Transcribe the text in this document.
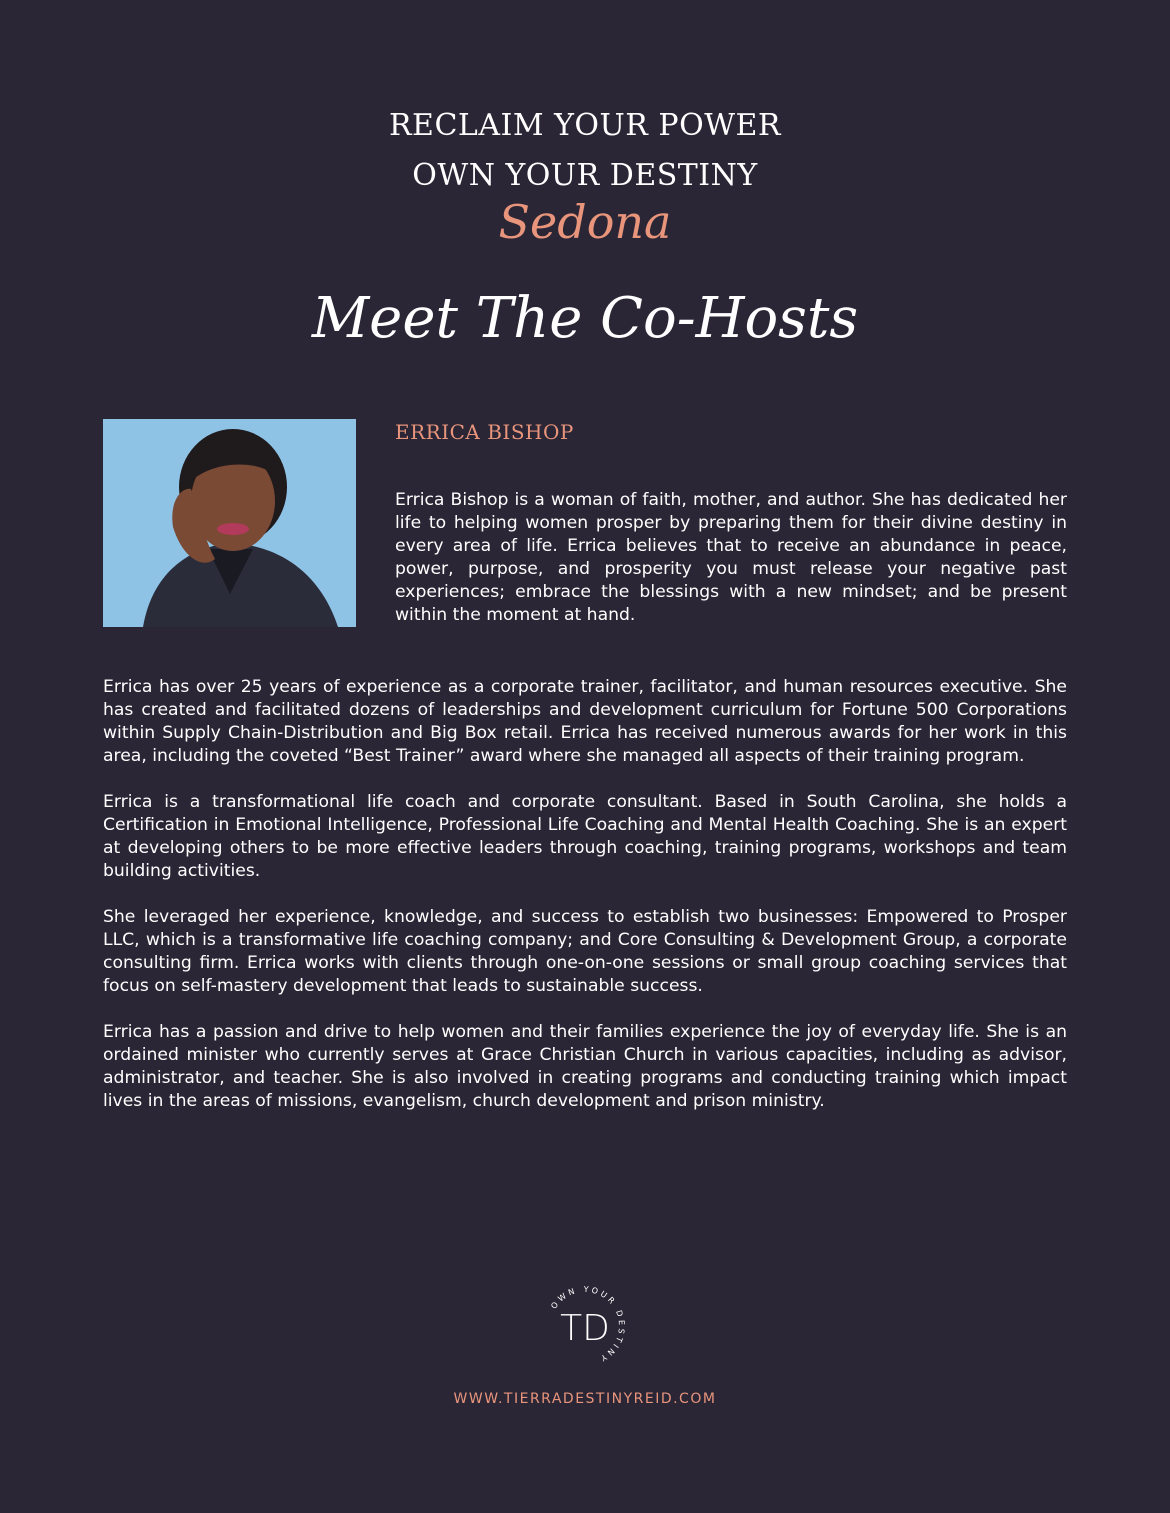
RECLAIM YOUR POWER
OWN YOUR DESTINY
Sedona
Meet The Co-Hosts
ERRICA BISHOP
Errica Bishop is a woman of faith, mother, and author. She has dedicated her life to helping women prosper by preparing them for their divine destiny in every area of life. Errica believes that to receive an abundance in peace, power, purpose, and prosperity you must release your negative past experiences; embrace the blessings with a new mindset; and be present within the moment at hand.

Errica has over 25 years of experience as a corporate trainer, facilitator, and human resources executive. She has created and facilitated dozens of leaderships and development curriculum for Fortune 500 Corporations within Supply Chain-Distribution and Big Box retail. Errica has received numerous awards for her work in this area, including the coveted “Best Trainer” award where she managed all aspects of their training program.

Errica is a transformational life coach and corporate consultant. Based in South Carolina, she holds a Certification in Emotional Intelligence, Professional Life Coaching and Mental Health Coaching. She is an expert at developing others to be more effective leaders through coaching, training programs, workshops and team building activities.

She leveraged her experience, knowledge, and success to establish two businesses: Empowered to Prosper LLC, which is a transformative life coaching company; and Core Consulting & Development Group, a corporate consulting firm. Errica works with clients through one-on-one sessions or small group coaching services that focus on self-mastery development that leads to sustainable success.

Errica has a passion and drive to help women and their families experience the joy of everyday life. She is an ordained minister who currently serves at Grace Christian Church in various capacities, including as advisor, administrator, and teacher. She is also involved in creating programs and conducting training which impact lives in the areas of missions, evangelism, church development and prison ministry.

OWN YOUR DESTINY
TD
WWW.TIERRADESTINYREID.COM
